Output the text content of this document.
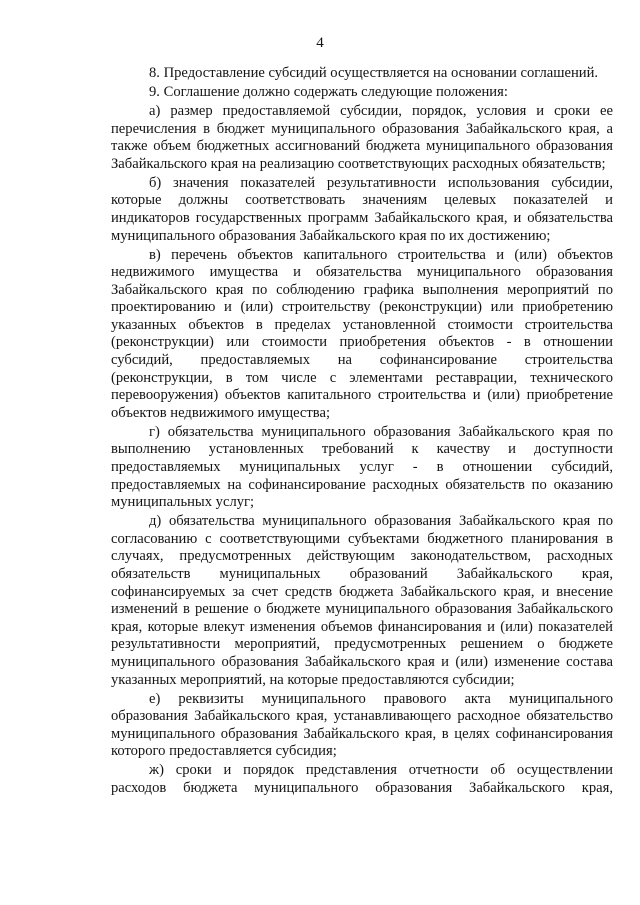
4

8. Предоставление субсидий осуществляется на основании соглашений.

9. Соглашение должно содержать следующие положения:

а) размер предоставляемой субсидии, порядок, условия и сроки ее перечисления в бюджет муниципального образования Забайкальского края, а также объем бюджетных ассигнований бюджета муниципального образования Забайкальского края на реализацию соответствующих расходных обязательств;

б) значения показателей результативности использования субсидии, которые должны соответствовать значениям целевых показателей и индикаторов государственных программ Забайкальского края, и обязательства муниципального образования Забайкальского края по их достижению;

в) перечень объектов капитального строительства и (или) объектов недвижимого имущества и обязательства муниципального образования Забайкальского края по соблюдению графика выполнения мероприятий по проектированию и (или) строительству (реконструкции) или приобретению указанных объектов в пределах установленной стоимости строительства (реконструкции) или стоимости приобретения объектов - в отношении субсидий, предоставляемых на софинансирование строительства (реконструкции, в том числе с элементами реставрации, технического перевооружения) объектов капитального строительства и (или) приобретение объектов недвижимого имущества;

г) обязательства муниципального образования Забайкальского края по выполнению установленных требований к качеству и доступности предоставляемых муниципальных услуг - в отношении субсидий, предоставляемых на софинансирование расходных обязательств по оказанию муниципальных услуг;

д) обязательства муниципального образования Забайкальского края по согласованию с соответствующими субъектами бюджетного планирования в случаях, предусмотренных действующим законодательством, расходных обязательств муниципальных образований Забайкальского края, софинансируемых за счет средств бюджета Забайкальского края, и внесение изменений в решение о бюджете муниципального образования Забайкальского края, которые влекут изменения объемов финансирования и (или) показателей результативности мероприятий, предусмотренных решением о бюджете муниципального образования Забайкальского края и (или) изменение состава указанных мероприятий, на которые предоставляются субсидии;

е) реквизиты муниципального правового акта муниципального образования Забайкальского края, устанавливающего расходное обязательство муниципального образования Забайкальского края, в целях софинансирования которого предоставляется субсидия;

ж) сроки и порядок представления отчетности об осуществлении расходов бюджета муниципального образования Забайкальского края,
